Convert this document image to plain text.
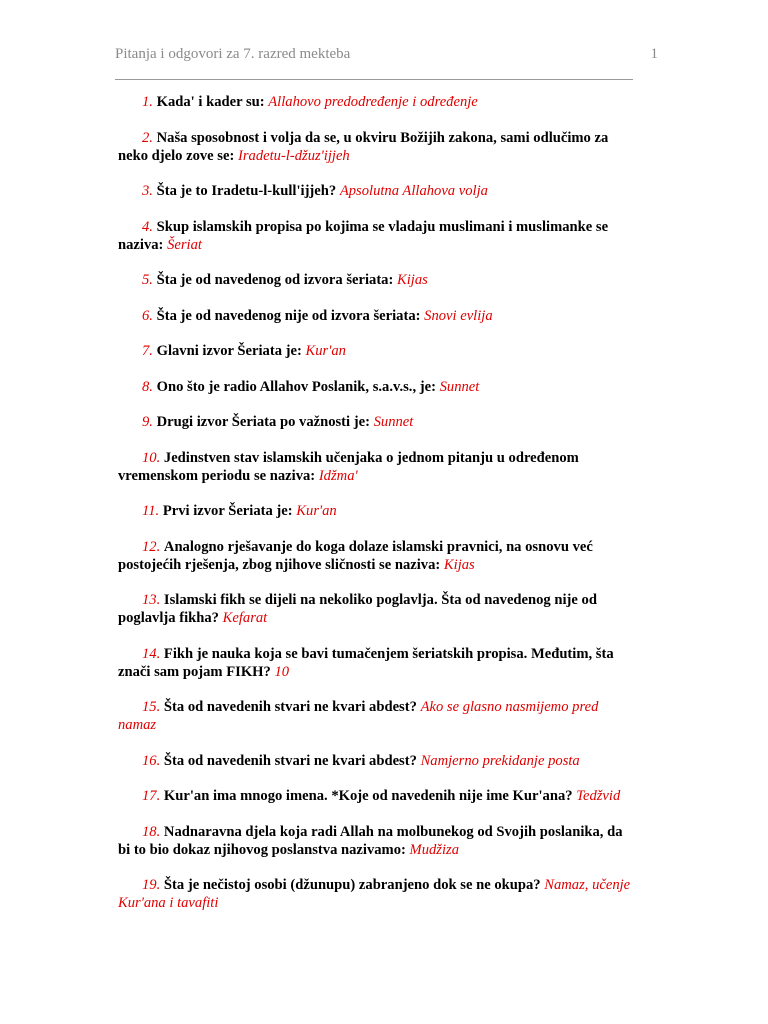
Pitanja i odgovori za 7. razred mekteba	1

1. Kada' i kader su: Allahovo predodređenje i određenje

2. Naša sposobnost i volja da se, u okviru Božijih zakona, sami odlučimo za neko djelo zove se: Iradetu-l-džuz'ijjeh

3. Šta je to Iradetu-l-kull'ijjeh? Apsolutna Allahova volja

4. Skup islamskih propisa po kojima se vladaju muslimani i muslimanke se naziva: Šeriat

5. Šta je od navedenog od izvora šeriata: Kijas

6. Šta je od navedenog nije od izvora šeriata: Snovi evlija

7. Glavni izvor Šeriata je: Kur'an

8. Ono što je radio Allahov Poslanik, s.a.v.s., je: Sunnet

9. Drugi izvor Šeriata po važnosti je: Sunnet

10. Jedinstven stav islamskih učenjaka o jednom pitanju u određenom vremenskom periodu se naziva: Idžma'

11. Prvi izvor Šeriata je: Kur'an

12. Analogno rješavanje do koga dolaze islamski pravnici, na osnovu već postojećih rješenja, zbog njihove sličnosti se naziva: Kijas

13. Islamski fikh se dijeli na nekoliko poglavlja. Šta od navedenog nije od poglavlja fikha? Kefarat

14. Fikh je nauka koja se bavi tumačenjem šeriatskih propisa. Međutim, šta znači sam pojam FIKH? 10

15. Šta od navedenih stvari ne kvari abdest? Ako se glasno nasmijemo pred namaz

16. Šta od navedenih stvari ne kvari abdest? Namjerno prekidanje posta

17. Kur'an ima mnogo imena. *Koje od navedenih nije ime Kur'ana? Tedžvid

18. Nadnaravna djela koja radi Allah na molbunekog od Svojih poslanika, da bi to bio dokaz njihovog poslanstva nazivamo: Mudžiza

19. Šta je nečistoj osobi (džunupu) zabranjeno dok se ne okupa? Namaz, učenje Kur'ana i tavafiti
